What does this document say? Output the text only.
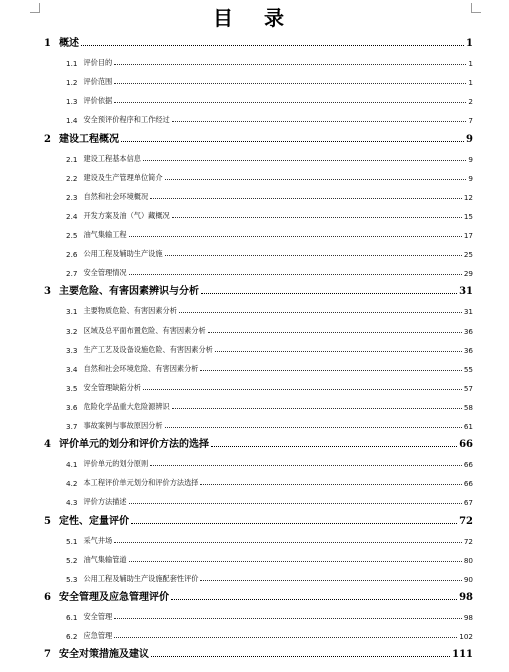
目 录
1 概述	1
1.1 评价目的	1
1.2 评价范围	1
1.3 评价依据	2
1.4 安全预评价程序和工作经过	7
2 建设工程概况	9
2.1 建设工程基本信息	9
2.2 建设及生产管理单位简介	9
2.3 自然和社会环境概况	12
2.4 开发方案及油（气）藏概况	15
2.5 油气集输工程	17
2.6 公用工程及辅助生产设施	25
2.7 安全管理情况	29
3 主要危险、有害因素辨识与分析	31
3.1 主要物质危险、有害因素分析	31
3.2 区域及总平面布置危险、有害因素分析	36
3.3 生产工艺及设备设施危险、有害因素分析	36
3.4 自然和社会环境危险、有害因素分析	55
3.5 安全管理缺陷分析	57
3.6 危险化学品重大危险源辨识	58
3.7 事故案例与事故原因分析	61
4 评价单元的划分和评价方法的选择	66
4.1 评价单元的划分原则	66
4.2 本工程评价单元划分和评价方法选择	66
4.3 评价方法描述	67
5 定性、定量评价	72
5.1 采气井场	72
5.2 油气集输管道	80
5.3 公用工程及辅助生产设施配套性评价	90
6 安全管理及应急管理评价	98
6.1 安全管理	98
6.2 应急管理	102
7 安全对策措施及建议	111
